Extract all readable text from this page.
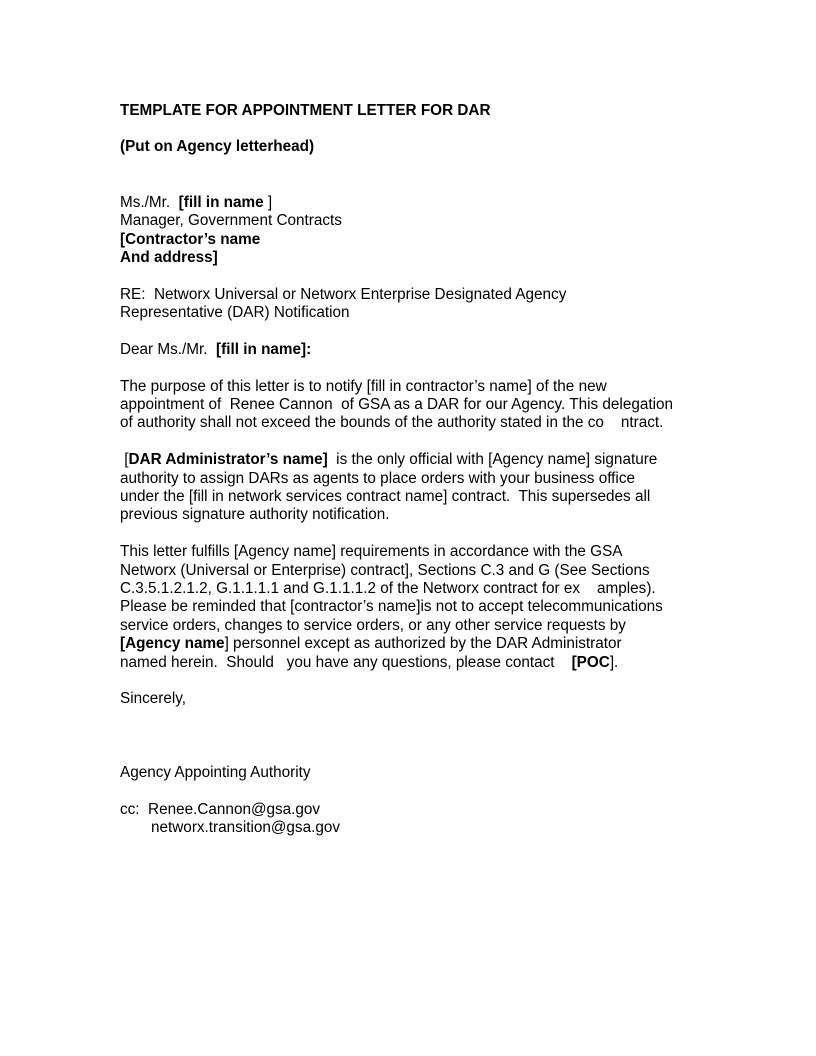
TEMPLATE FOR APPOINTMENT LETTER FOR DAR
(Put on Agency letterhead)
Ms./Mr.  [fill in name ]
Manager, Government Contracts
[Contractor’s name
And address]
RE:  Networx Universal or Networx Enterprise Designated Agency
Representative (DAR) Notification
Dear Ms./Mr.  [fill in name]:
The purpose of this letter is to notify [fill in contractor’s name] of the new
appointment of  Renee Cannon  of GSA as a DAR for our Agency. This delegation
of authority shall not exceed the bounds of the authority stated in the co    ntract.
[DAR Administrator’s name]  is the only official with [Agency name] signature
authority to assign DARs as agents to place orders with your business office
under the [fill in network services contract name] contract.  This supersedes all
previous signature authority notification.
This letter fulfills [Agency name] requirements in accordance with the GSA
Networx (Universal or Enterprise) contract], Sections C.3 and G (See Sections
C.3.5.1.2.1.2, G.1.1.1.1 and G.1.1.1.2 of the Networx contract for ex    amples).
Please be reminded that [contractor’s name]is not to accept telecommunications
service orders, changes to service orders, or any other service requests by
[Agency name] personnel except as authorized by the DAR Administrator
named herein.  Should   you have any questions, please contact    [POC].
Sincerely,
Agency Appointing Authority
cc:  Renee.Cannon@gsa.gov
networx.transition@gsa.gov
